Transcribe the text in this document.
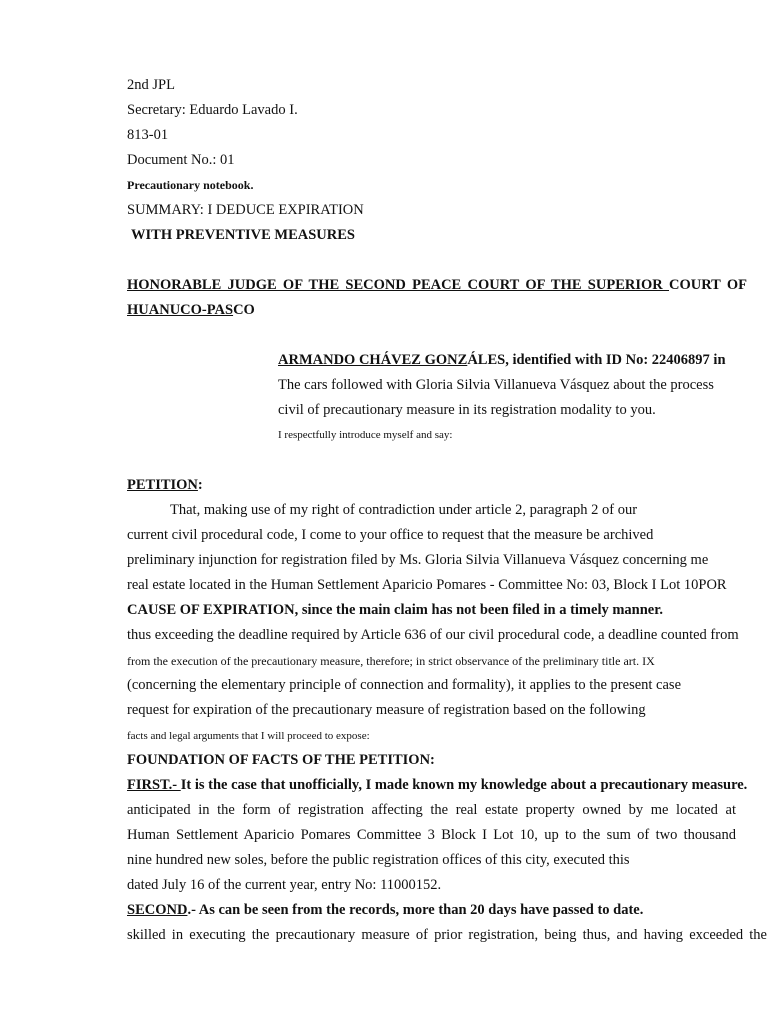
2nd JPL
Secretary: Eduardo Lavado I.
813-01
Document No.: 01
Precautionary notebook.
SUMMARY: I DEDUCE EXPIRATION
WITH PREVENTIVE MEASURES
HONORABLE JUDGE OF THE SECOND PEACE COURT OF THE SUPERIOR COURT OF
HUANUCO-PASCO
ARMANDO CHÁVEZ GONZÁLES, identified with ID No: 22406897 in
The cars followed with Gloria Silvia Villanueva Vásquez about the process
civil of precautionary measure in its registration modality to you.
I respectfully introduce myself and say:
PETITION:
That, making use of my right of contradiction under article 2, paragraph 2 of our
current civil procedural code, I come to your office to request that the measure be archived
preliminary injunction for registration filed by Ms. Gloria Silvia Villanueva Vásquez concerning me
real estate located in the Human Settlement Aparicio Pomares - Committee No: 03, Block I Lot 10POR
CAUSE OF EXPIRATION, since the main claim has not been filed in a timely manner.
thus exceeding the deadline required by Article 636 of our civil procedural code, a deadline counted from
from the execution of the precautionary measure, therefore; in strict observance of the preliminary title art. IX
(concerning the elementary principle of connection and formality), it applies to the present case
request for expiration of the precautionary measure of registration based on the following
facts and legal arguments that I will proceed to expose:
FOUNDATION OF FACTS OF THE PETITION:
FIRST.- It is the case that unofficially, I made known my knowledge about a precautionary measure.
anticipated in the form of registration affecting the real estate property owned by me located at
Human Settlement Aparicio Pomares Committee 3 Block I Lot 10, up to the sum of two thousand
nine hundred new soles, before the public registration offices of this city, executed this
dated July 16 of the current year, entry No: 11000152.
SECOND.- As can be seen from the records, more than 20 days have passed to date.
skilled in executing the precautionary measure of prior registration, being thus, and having exceeded the
